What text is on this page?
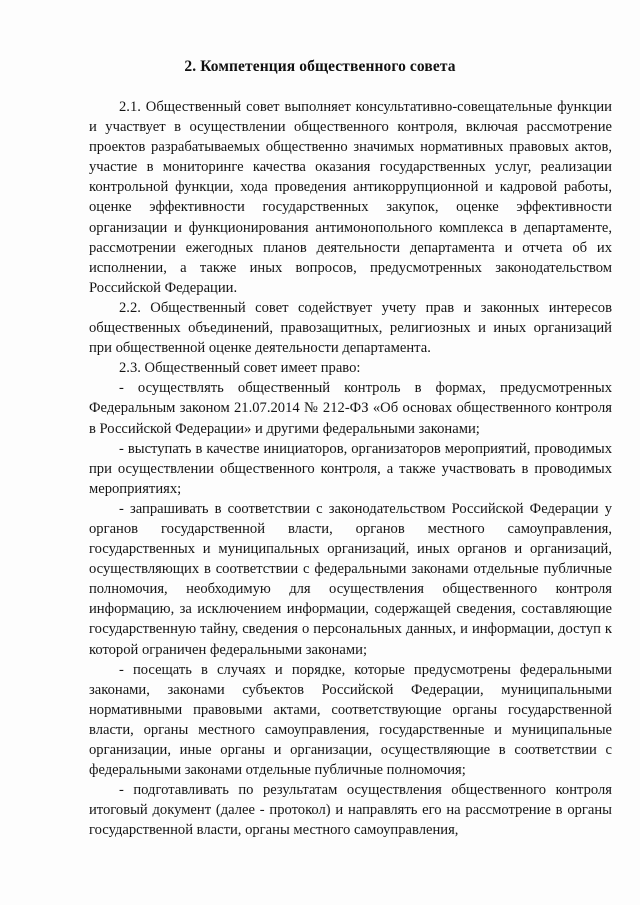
2. Компетенция общественного совета

2.1. Общественный совет выполняет консультативно-совещательные функции и участвует в осуществлении общественного контроля, включая рассмотрение проектов разрабатываемых общественно значимых нормативных правовых актов, участие в мониторинге качества оказания государственных услуг, реализации контрольной функции, хода проведения антикоррупционной и кадровой работы, оценке эффективности государственных закупок, оценке эффективности организации и функционирования антимонопольного комплекса в департаменте, рассмотрении ежегодных планов деятельности департамента и отчета об их исполнении, а также иных вопросов, предусмотренных законодательством Российской Федерации.

2.2. Общественный совет содействует учету прав и законных интересов общественных объединений, правозащитных, религиозных и иных организаций при общественной оценке деятельности департамента.

2.3. Общественный совет имеет право:

- осуществлять общественный контроль в формах, предусмотренных Федеральным законом 21.07.2014 № 212-ФЗ «Об основах общественного контроля в Российской Федерации» и другими федеральными законами;

- выступать в качестве инициаторов, организаторов мероприятий, проводимых при осуществлении общественного контроля, а также участвовать в проводимых мероприятиях;

- запрашивать в соответствии с законодательством Российской Федерации у органов государственной власти, органов местного самоуправления, государственных и муниципальных организаций, иных органов и организаций, осуществляющих в соответствии с федеральными законами отдельные публичные полномочия, необходимую для осуществления общественного контроля информацию, за исключением информации, содержащей сведения, составляющие государственную тайну, сведения о персональных данных, и информации, доступ к которой ограничен федеральными законами;

- посещать в случаях и порядке, которые предусмотрены федеральными законами, законами субъектов Российской Федерации, муниципальными нормативными правовыми актами, соответствующие органы государственной власти, органы местного самоуправления, государственные и муниципальные организации, иные органы и организации, осуществляющие в соответствии с федеральными законами отдельные публичные полномочия;

- подготавливать по результатам осуществления общественного контроля итоговый документ (далее - протокол) и направлять его на рассмотрение в органы государственной власти, органы местного самоуправления,
